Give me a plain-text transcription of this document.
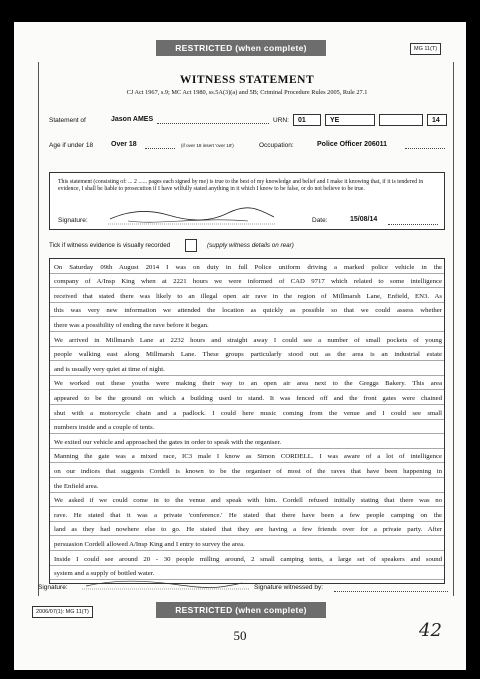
RESTRICTED (when complete)	MG 11(T)
WITNESS STATEMENT
CJ Act 1967, s.9; MC Act 1980, ss.5A(3)(a) and 5B; Criminal Procedure Rules 2005, Rule 27.1
Statement of	Jason AMES	URN:	01	YE	14
Age if under 18	Over 18	(if over 18 insert 'over 18')	Occupation:	Police Officer 206011
This statement (consisting of: ... 2 ...... pages each signed by me) is true to the best of my knowledge and belief and I make it knowing that, if it is tendered in evidence, I shall be liable to prosecution if I have wilfully stated anything in it which I know to be false, or do not believe to be true.
Signature:	Date:	15/08/14
Tick if witness evidence is visually recorded	(supply witness details on rear)
On Saturday 09th August 2014 I was on duty in full Police uniform driving a marked police vehicle in the
company of A/Insp King when at 2221 hours we were informed of CAD 9717 which related to some intelligence
received that stated there was likely to an illegal open air rave in the region of Millmarsh Lane, Enfield, EN3. As
this was very new information we attended the location as quickly as possible so that we could assess whether
there was a possibility of ending the rave before it began.
We arrived in Millmarsh Lane at 2232 hours and straight away I could see a number of small pockets of young
people walking east along Millmarsh Lane. These groups particularly stood out as the area is an industrial estate
and is usually very quiet at time of night.
We worked out these youths were making their way to an open air area next to the Greggs Bakery. This area
appeared to be the ground on which a building used to stand. It was fenced off and the front gates were chained
shut with a motorcycle chain and a padlock. I could here music coming from the venue and I could see small
numbers inside and a couple of tents.
We exited our vehicle and approached the gates in order to speak with the organiser.
Manning the gate was a mixed race, IC3 male I know as Simon CORDELL. I was aware of a lot of intelligence
on our indices that suggests Cordell is known to be the organiser of most of the raves that have been happening in
the Enfield area.
We asked if we could come in to the venue and speak with him. Cordell refused initially stating that there was no
rave. He stated that it was a private 'conference.' He stated that there have been a few people camping on the
land as they had nowhere else to go. He stated that they are having a few friends over for a private party. After
persuasion Cordell allowed A/Insp King and I entry to survey the area.
Inside I could see around 20 - 30 people milling around, 2 small camping tents, a large set of speakers and sound
system and a supply of bottled water.
Signature:	Signature witnessed by:
2006/07(1): MG 11(T)	RESTRICTED (when complete)
50	42
